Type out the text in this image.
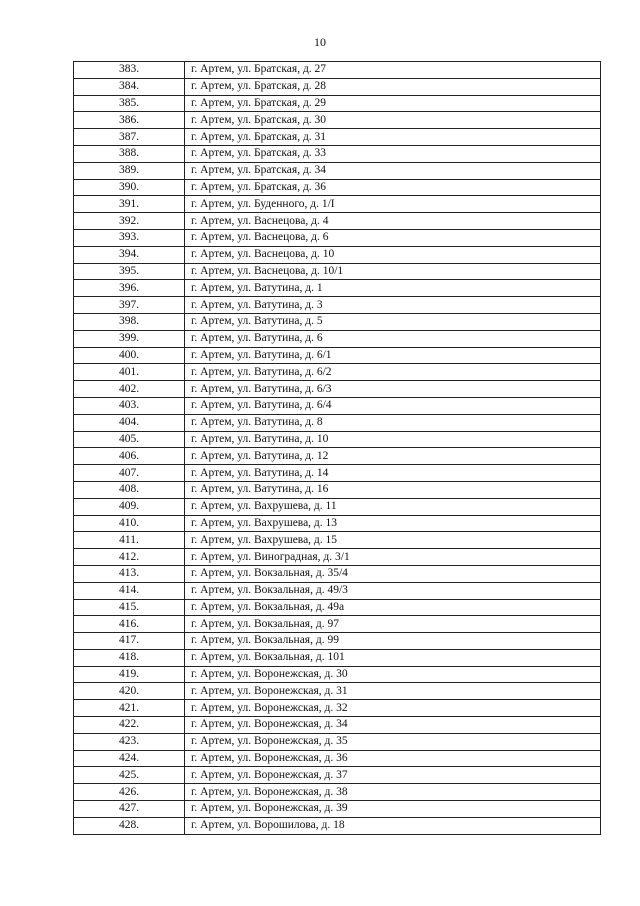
10
383.	г. Артем, ул. Братская, д. 27
384.	г. Артем, ул. Братская, д. 28
385.	г. Артем, ул. Братская, д. 29
386.	г. Артем, ул. Братская, д. 30
387.	г. Артем, ул. Братская, д. 31
388.	г. Артем, ул. Братская, д. 33
389.	г. Артем, ул. Братская, д. 34
390.	г. Артем, ул. Братская, д. 36
391.	г. Артем, ул. Буденного, д. 1/I
392.	г. Артем, ул. Васнецова, д. 4
393.	г. Артем, ул. Васнецова, д. 6
394.	г. Артем, ул. Васнецова, д. 10
395.	г. Артем, ул. Васнецова, д. 10/1
396.	г. Артем, ул. Ватутина, д. 1
397.	г. Артем, ул. Ватутина, д. 3
398.	г. Артем, ул. Ватутина, д. 5
399.	г. Артем, ул. Ватутина, д. 6
400.	г. Артем, ул. Ватутина, д. 6/1
401.	г. Артем, ул. Ватутина, д. 6/2
402.	г. Артем, ул. Ватутина, д. 6/3
403.	г. Артем, ул. Ватутина, д. 6/4
404.	г. Артем, ул. Ватутина, д. 8
405.	г. Артем, ул. Ватутина, д. 10
406.	г. Артем, ул. Ватутина, д. 12
407.	г. Артем, ул. Ватутина, д. 14
408.	г. Артем, ул. Ватутина, д. 16
409.	г. Артем, ул. Вахрушева, д. 11
410.	г. Артем, ул. Вахрушева, д. 13
411.	г. Артем, ул. Вахрушева, д. 15
412.	г. Артем, ул. Виноградная, д. 3/1
413.	г. Артем, ул. Вокзальная, д. 35/4
414.	г. Артем, ул. Вокзальная, д. 49/3
415.	г. Артем, ул. Вокзальная, д. 49а
416.	г. Артем, ул. Вокзальная, д. 97
417.	г. Артем, ул. Вокзальная, д. 99
418.	г. Артем, ул. Вокзальная, д. 101
419.	г. Артем, ул. Воронежская, д. 30
420.	г. Артем, ул. Воронежская, д. 31
421.	г. Артем, ул. Воронежская, д. 32
422.	г. Артем, ул. Воронежская, д. 34
423.	г. Артем, ул. Воронежская, д. 35
424.	г. Артем, ул. Воронежская, д. 36
425.	г. Артем, ул. Воронежская, д. 37
426.	г. Артем, ул. Воронежская, д. 38
427.	г. Артем, ул. Воронежская, д. 39
428.	г. Артем, ул. Ворошилова, д. 18
